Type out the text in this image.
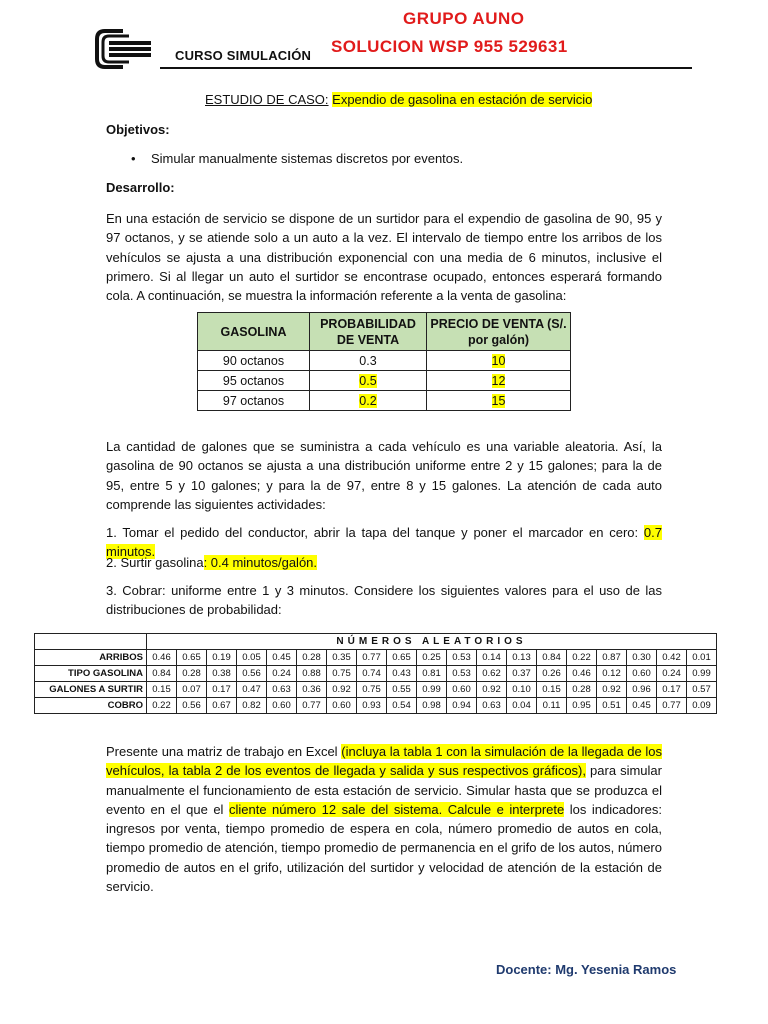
CURSO SIMULACIÓN
GRUPO AUNO
SOLUCION WSP 955 529631
ESTUDIO DE CASO: Expendio de gasolina en estación de servicio
Objetivos:
• Simular manualmente sistemas discretos por eventos.
Desarrollo:
En una estación de servicio se dispone de un surtidor para el expendio de gasolina de 90, 95 y 97 octanos, y se atiende solo a un auto a la vez. El intervalo de tiempo entre los arribos de los vehículos se ajusta a una distribución exponencial con una media de 6 minutos, inclusive el primero. Si al llegar un auto el surtidor se encontrase ocupado, entonces esperará formando cola. A continuación, se muestra la información referente a la venta de gasolina:
GASOLINA	PROBABILIDAD DE VENTA	PRECIO DE VENTA (S/. por galón)
90 octanos	0.3	10
95 octanos	0.5	12
97 octanos	0.2	15
La cantidad de galones que se suministra a cada vehículo es una variable aleatoria. Así, la gasolina de 90 octanos se ajusta a una distribución uniforme entre 2 y 15 galones; para la de 95, entre 5 y 10 galones; y para la de 97, entre 8 y 15 galones. La atención de cada auto comprende las siguientes actividades:
1. Tomar el pedido del conductor, abrir la tapa del tanque y poner el marcador en cero: 0.7 minutos.
2. Surtir gasolina: 0.4 minutos/galón.
3. Cobrar: uniforme entre 1 y 3 minutos. Considere los siguientes valores para el uso de las distribuciones de probabilidad:
	NÚMEROS ALEATORIOS																		
ARRIBOS	0.46	0.65	0.19	0.05	0.45	0.28	0.35	0.77	0.65	0.25	0.53	0.14	0.13	0.84	0.22	0.87	0.30	0.42	0.01
TIPO GASOLINA	0.84	0.28	0.38	0.56	0.24	0.88	0.75	0.74	0.43	0.81	0.53	0.62	0.37	0.26	0.46	0.12	0.60	0.24	0.99
GALONES A SURTIR	0.15	0.07	0.17	0.47	0.63	0.36	0.92	0.75	0.55	0.99	0.60	0.92	0.10	0.15	0.28	0.92	0.96	0.17	0.57
COBRO	0.22	0.56	0.67	0.82	0.60	0.77	0.60	0.93	0.54	0.98	0.94	0.63	0.04	0.11	0.95	0.51	0.45	0.77	0.09
Presente una matriz de trabajo en Excel (incluya la tabla 1 con la simulación de la llegada de los vehículos, la tabla 2 de los eventos de llegada y salida y sus respectivos gráficos), para simular manualmente el funcionamiento de esta estación de servicio. Simular hasta que se produzca el evento en el que el cliente número 12 sale del sistema. Calcule e interprete los indicadores: ingresos por venta, tiempo promedio de espera en cola, número promedio de autos en cola, tiempo promedio de atención, tiempo promedio de permanencia en el grifo de los autos, número promedio de autos en el grifo, utilización del surtidor y velocidad de atención de la estación de servicio.
Docente: Mg. Yesenia Ramos
